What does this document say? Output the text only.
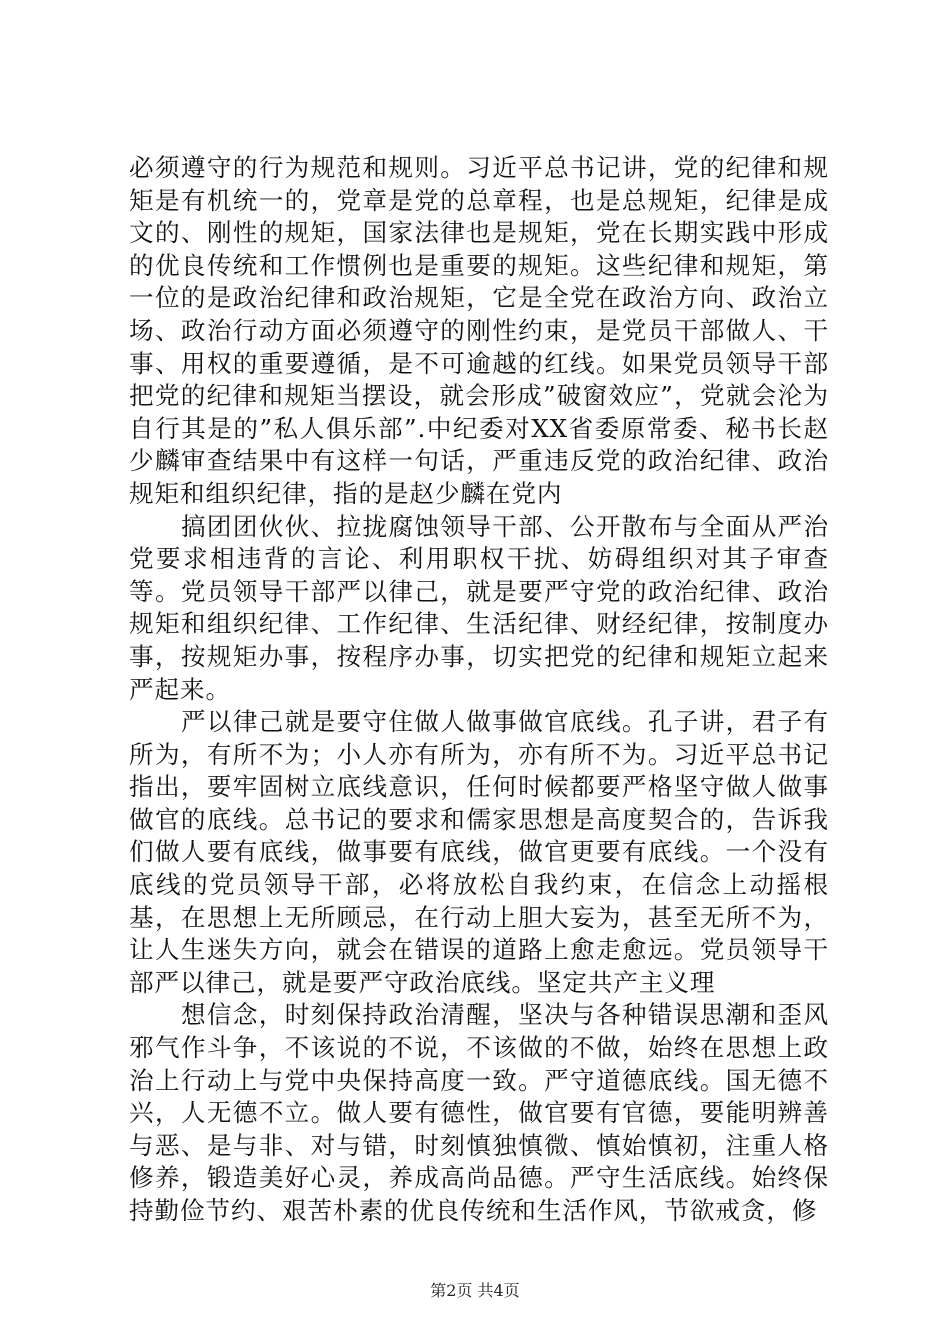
必须遵守的行为规范和规则。习近平总书记讲，党的纪律和规矩是有机统一的，党章是党的总章程，也是总规矩，纪律是成文的、刚性的规矩，国家法律也是规矩，党在长期实践中形成的优良传统和工作惯例也是重要的规矩。这些纪律和规矩，第一位的是政治纪律和政治规矩，它是全党在政治方向、政治立场、政治行动方面必须遵守的刚性约束，是党员干部做人、干事、用权的重要遵循，是不可逾越的红线。如果党员领导干部把党的纪律和规矩当摆设，就会形成”破窗效应”，党就会沦为自行其是的”私人俱乐部”.中纪委对XX省委原常委、秘书长赵少麟审查结果中有这样一句话，严重违反党的政治纪律、政治规矩和组织纪律，指的是赵少麟在党内

搞团团伙伙、拉拢腐蚀领导干部、公开散布与全面从严治党要求相违背的言论、利用职权干扰、妨碍组织对其子审查等。党员领导干部严以律己，就是要严守党的政治纪律、政治规矩和组织纪律、工作纪律、生活纪律、财经纪律，按制度办事，按规矩办事，按程序办事，切实把党的纪律和规矩立起来严起来。

严以律己就是要守住做人做事做官底线。孔子讲，君子有所为，有所不为；小人亦有所为，亦有所不为。习近平总书记指出，要牢固树立底线意识，任何时候都要严格坚守做人做事做官的底线。总书记的要求和儒家思想是高度契合的，告诉我们做人要有底线，做事要有底线，做官更要有底线。一个没有底线的党员领导干部，必将放松自我约束，在信念上动摇根基，在思想上无所顾忌，在行动上胆大妄为，甚至无所不为，让人生迷失方向，就会在错误的道路上愈走愈远。党员领导干部严以律己，就是要严守政治底线。坚定共产主义理

想信念，时刻保持政治清醒，坚决与各种错误思潮和歪风邪气作斗争，不该说的不说，不该做的不做，始终在思想上政治上行动上与党中央保持高度一致。严守道德底线。国无德不兴，人无德不立。做人要有德性，做官要有官德，要能明辨善与恶、是与非、对与错，时刻慎独慎微、慎始慎初，注重人格修养，锻造美好心灵，养成高尚品德。严守生活底线。始终保持勤俭节约、艰苦朴素的优良传统和生活作风，节欲戒贪，修

第2页 共4页
